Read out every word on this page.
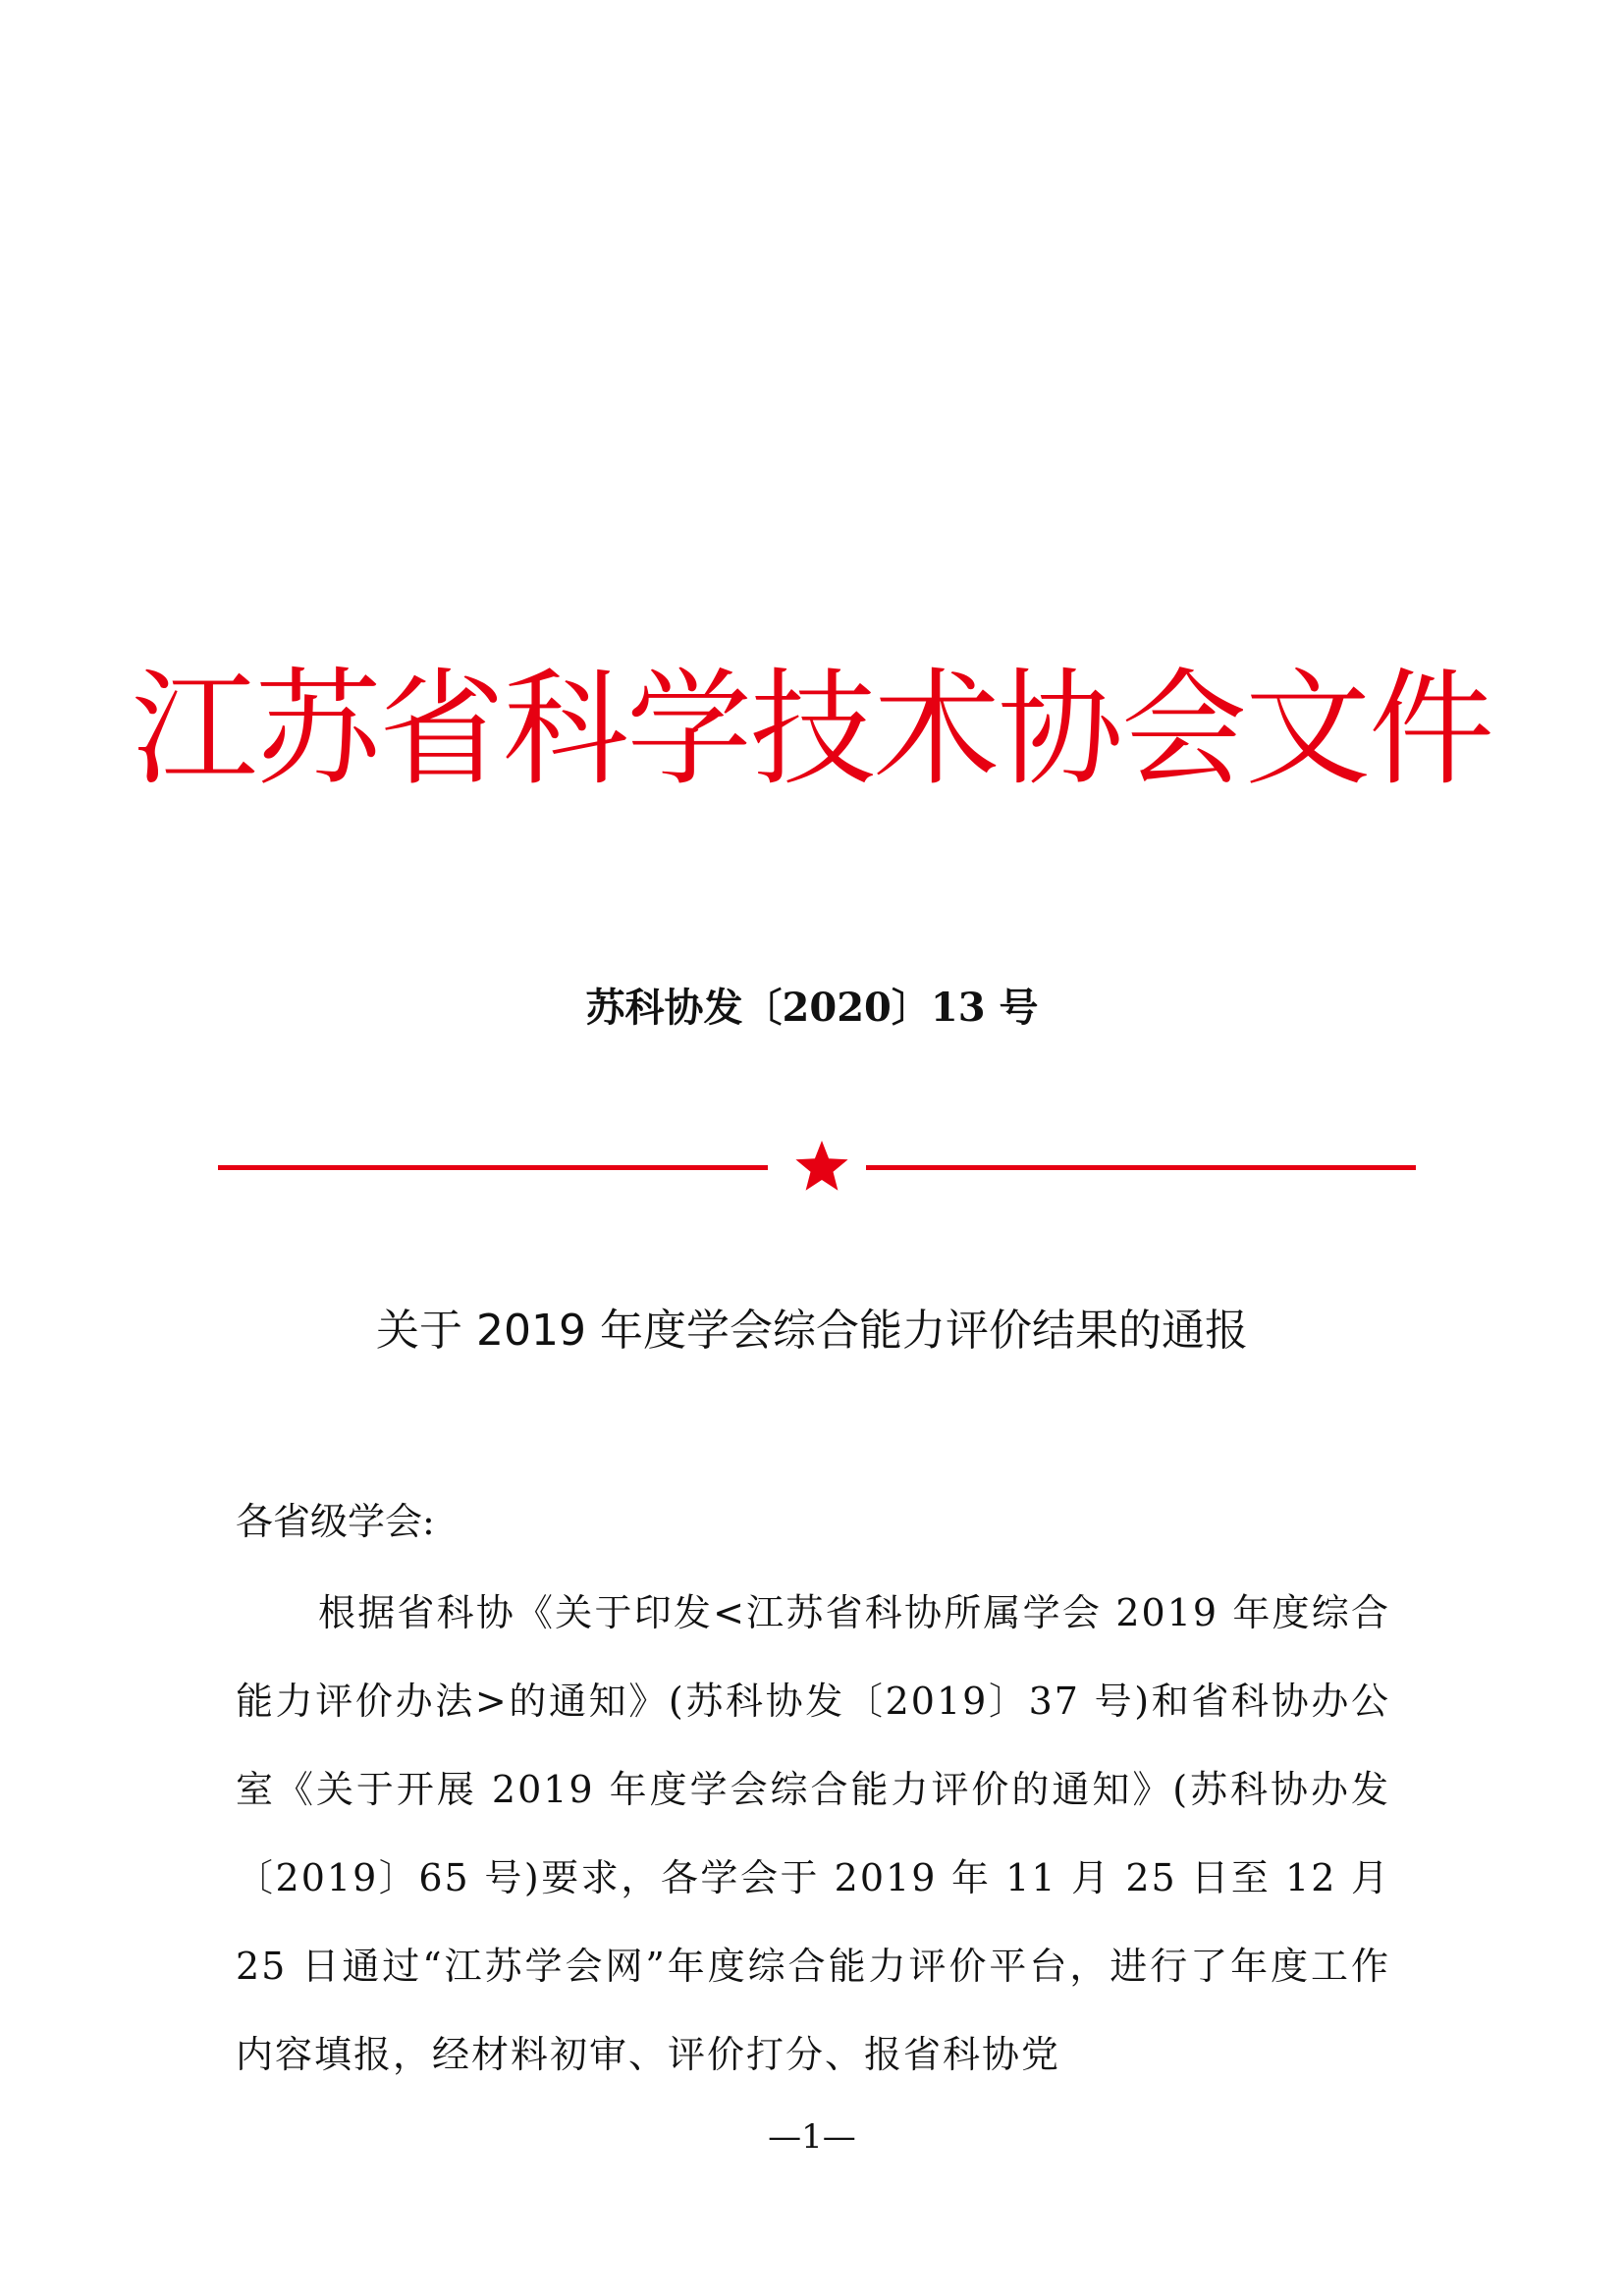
江苏省科学技术协会文件
苏科协发〔2020〕13 号
关于 2019 年度学会综合能力评价结果的通报
各省级学会:

根据省科协《关于印发<江苏省科协所属学会 2019 年度综合能力评价办法>的通知》(苏科协发〔2019〕37 号)和省科协办公室《关于开展 2019 年度学会综合能力评价的通知》(苏科协办发〔2019〕65 号)要求，各学会于 2019 年 11 月 25 日至 12 月 25 日通过“江苏学会网”年度综合能力评价平台，进行了年度工作内容填报，经材料初审、评价打分、报省科协党

—1—
